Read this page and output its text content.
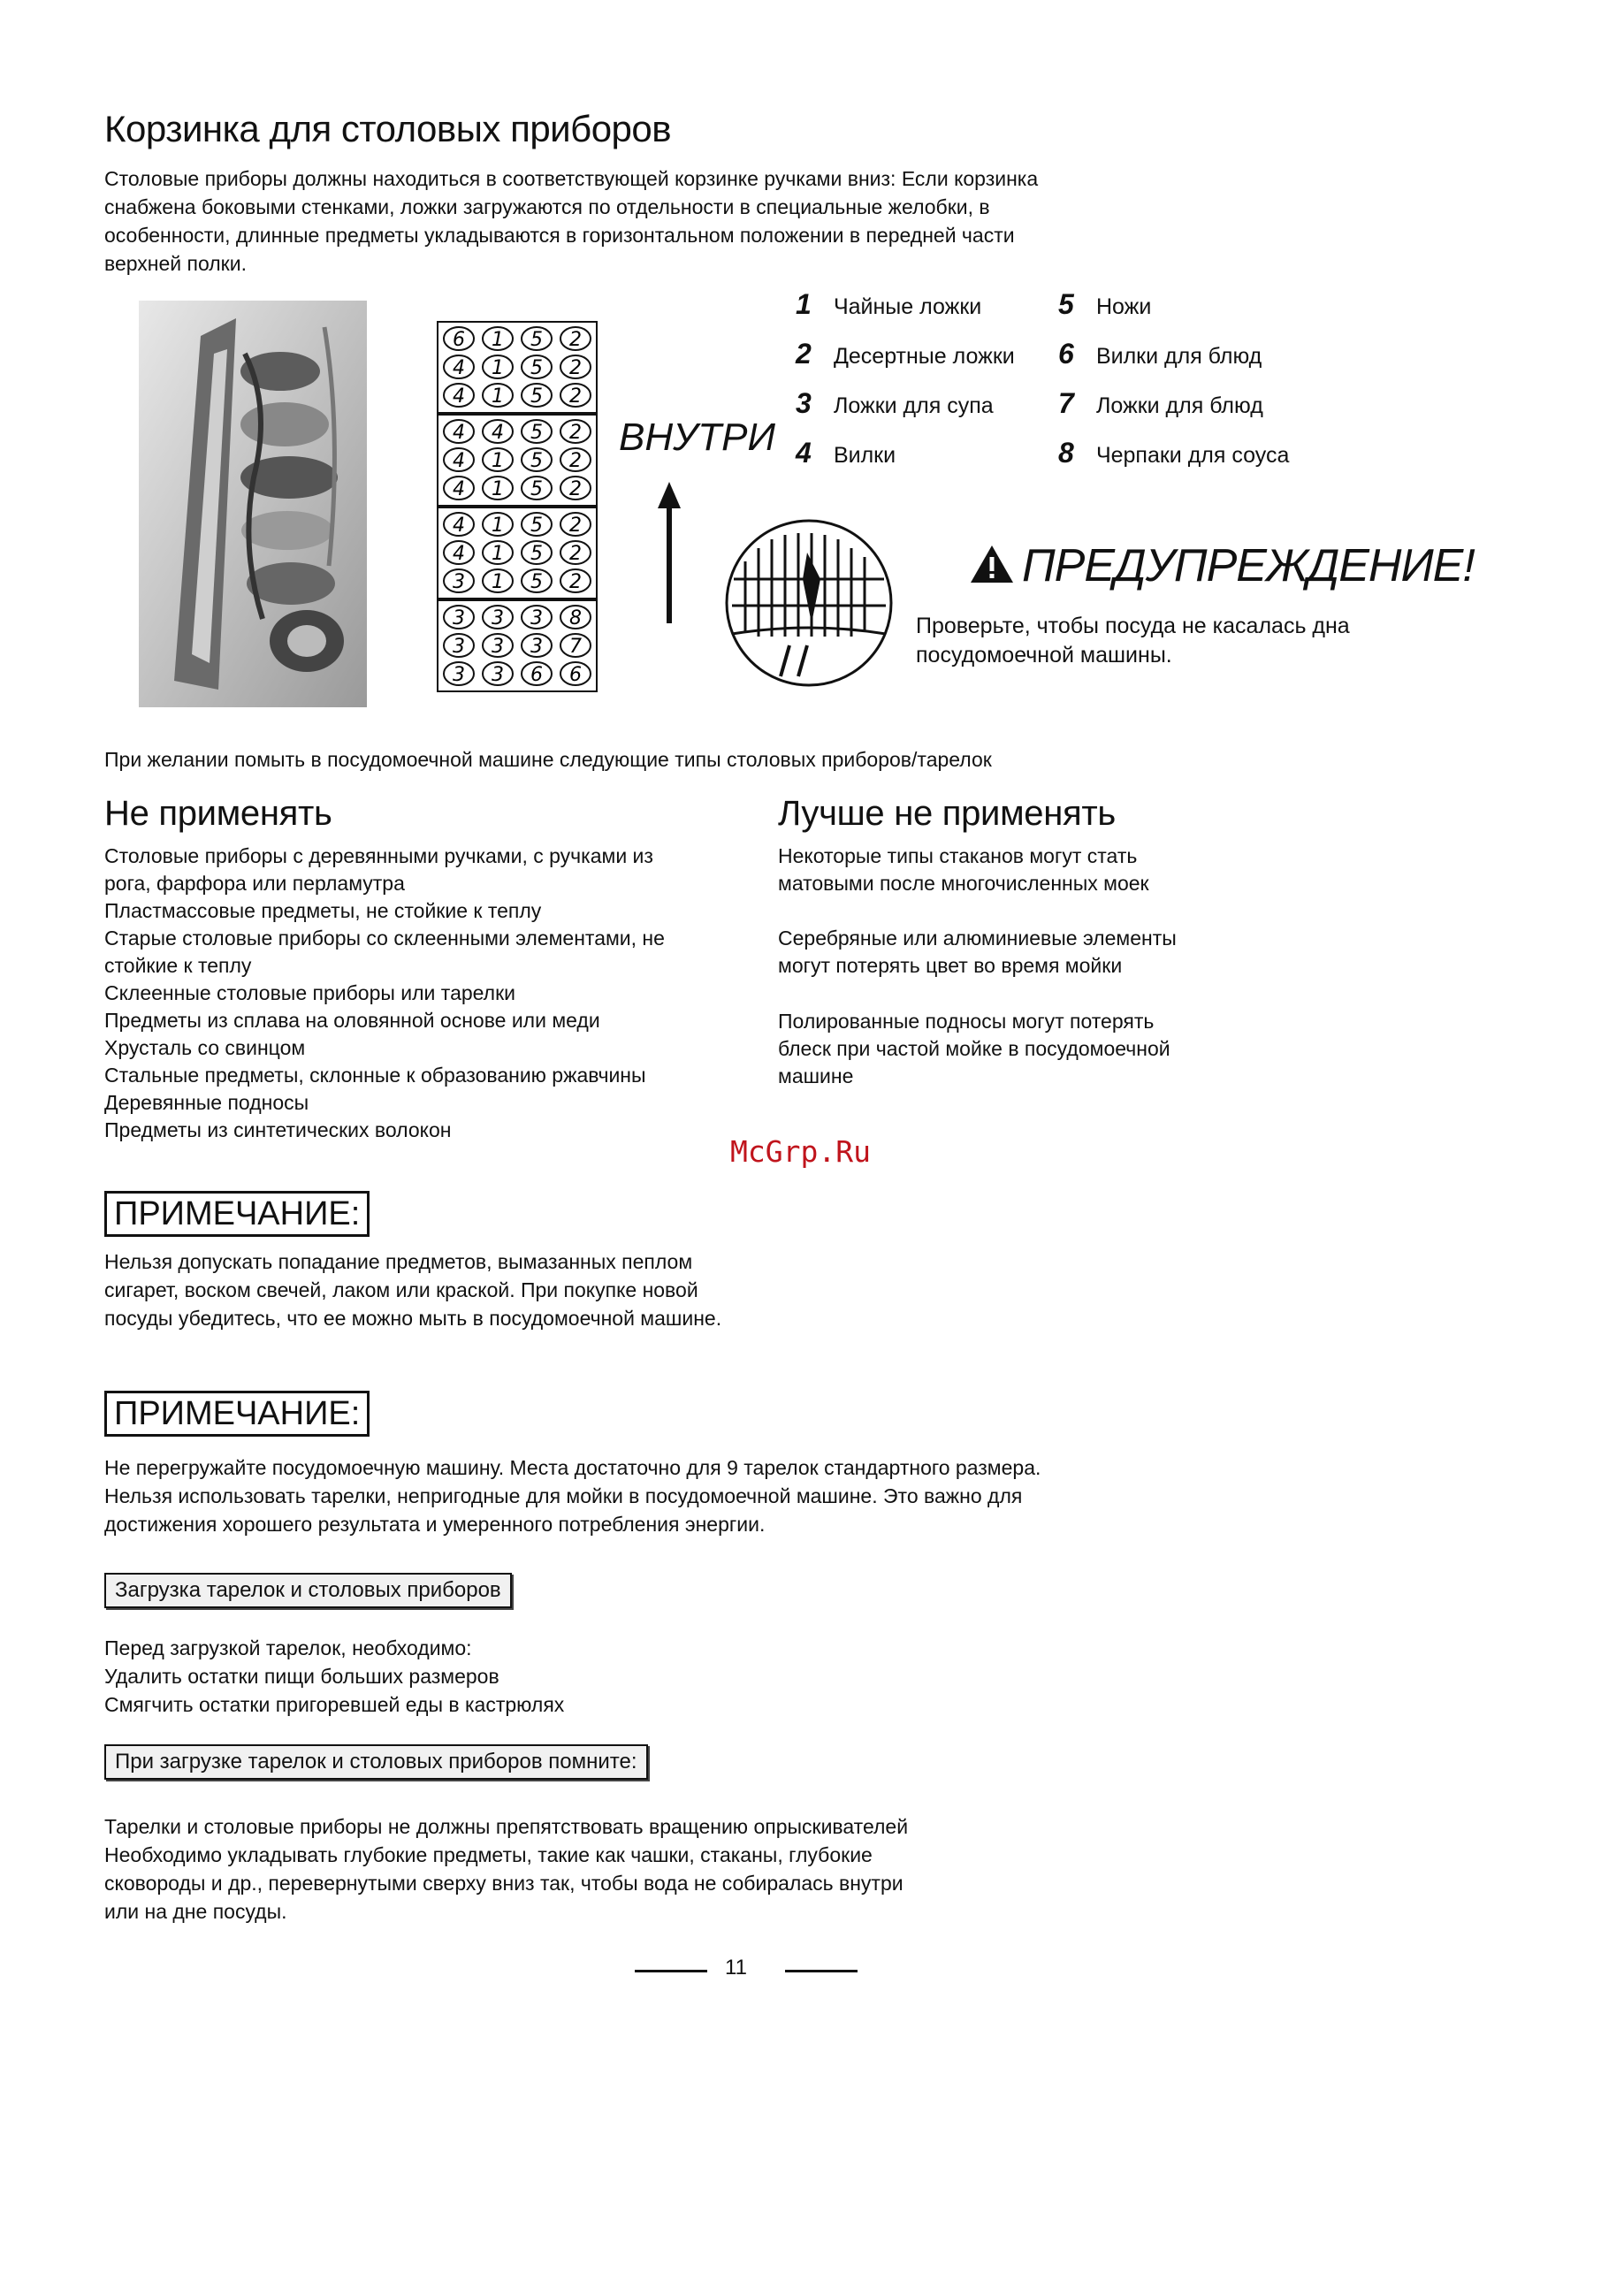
Корзинка для столовых приборов
Столовые приборы должны находиться в соответствующей корзинке ручками вниз: Если корзинка
снабжена боковыми стенками, ложки загружаются по отдельности в специальные желобки, в
особенности, длинные предметы укладываются в горизонтальном положении в передней части
верхней полки.
6 1 5 2
4 1 5 2
4 1 5 2
4 4 5 2
4 1 5 2
4 1 5 2
4 1 5 2
4 1 5 2
3 1 5 2
3 3 3 8
3 3 3 7
3 3 6 6
ВНУТРИ
1 Чайные ложки
2 Десертные ложки
3 Ложки для супа
4 Вилки
5 Ножи
6 Вилки для блюд
7 Ложки для блюд
8 Черпаки для соуса
ПРЕДУПРЕЖДЕНИЕ!
Проверьте, чтобы посуда не касалась дна
посудомоечной машины.
При желании помыть в посудомоечной машине следующие типы столовых приборов/тарелок
Не применять
Столовые приборы с деревянными ручками, с ручками из
рога, фарфора или перламутра
Пластмассовые предметы, не стойкие к теплу
Старые столовые приборы со склеенными элементами, не
стойкие к теплу
Склеенные столовые приборы или тарелки
Предметы из сплава на оловянной основе или меди
Хрусталь со свинцом
Стальные предметы, склонные к образованию ржавчины
Деревянные подносы
Предметы из синтетических волокон
Лучше не применять
Некоторые типы стаканов могут стать
матовыми после многочисленных моек
Серебряные или алюминиевые элементы
могут потерять цвет во время мойки
Полированные подносы могут потерять
блеск при частой мойке в посудомоечной
машине
McGrp.Ru
ПРИМЕЧАНИЕ:
Нельзя допускать попадание предметов, вымазанных пеплом
сигарет, воском свечей, лаком или краской. При покупке новой
посуды убедитесь, что ее можно мыть в посудомоечной машине.
ПРИМЕЧАНИЕ:
Не перегружайте посудомоечную машину. Места достаточно для 9 тарелок стандартного размера.
Нельзя использовать тарелки, непригодные для мойки в посудомоечной машине. Это важно для
достижения хорошего результата и умеренного потребления энергии.
Загрузка тарелок и столовых приборов
Перед загрузкой тарелок, необходимо:
Удалить остатки пищи больших размеров
Смягчить остатки пригоревшей еды в кастрюлях
При загрузке тарелок и столовых приборов помните:
Тарелки и столовые приборы не должны препятствовать вращению опрыскивателей
Необходимо укладывать глубокие предметы, такие как чашки, стаканы, глубокие
сковороды и др., перевернутыми сверху вниз так, чтобы вода не собиралась внутри
или на дне посуды.
11
